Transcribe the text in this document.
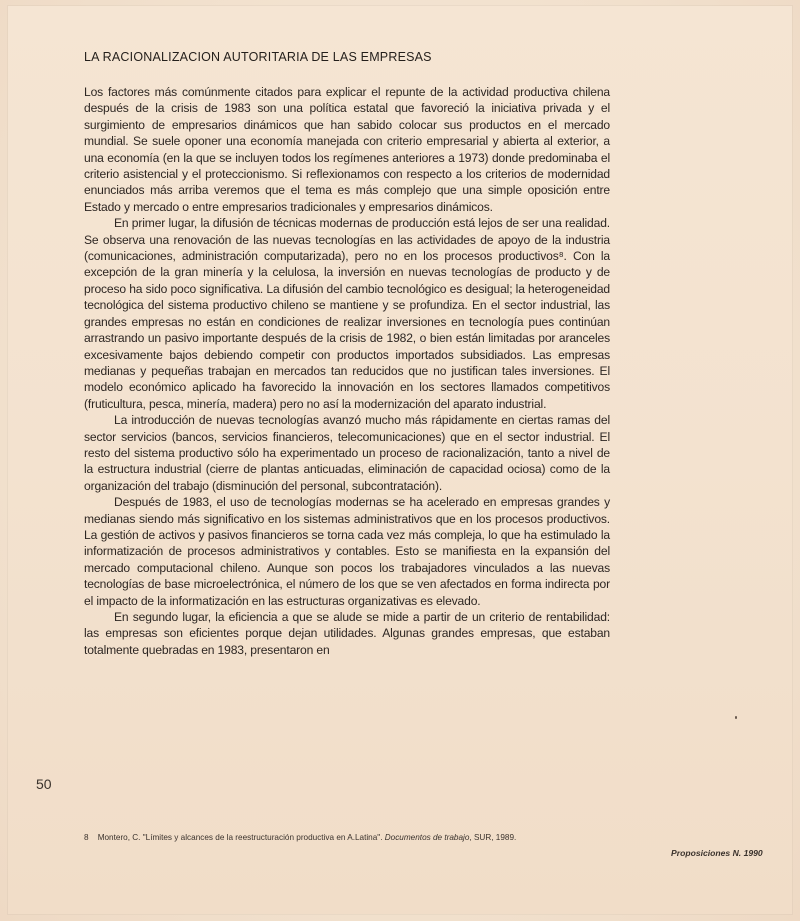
LA RACIONALIZACION AUTORITARIA DE LAS EMPRESAS

Los factores más comúnmente citados para explicar el repunte de la actividad productiva chilena después de la crisis de 1983 son una política estatal que favoreció la iniciativa privada y el surgimiento de empresarios dinámicos que han sabido colocar sus productos en el mercado mundial. Se suele oponer una economía manejada con criterio empresarial y abierta al exterior, a una economía (en la que se incluyen todos los regímenes anteriores a 1973) donde predominaba el criterio asistencial y el proteccionismo. Si reflexionamos con respecto a los criterios de modernidad enunciados más arriba veremos que el tema es más complejo que una simple oposición entre Estado y mercado o entre empresarios tradicionales y empresarios dinámicos.

En primer lugar, la difusión de técnicas modernas de producción está lejos de ser una realidad. Se observa una renovación de las nuevas tecnologías en las actividades de apoyo de la industria (comunicaciones, administración computarizada), pero no en los procesos productivos⁸. Con la excepción de la gran minería y la celulosa, la inversión en nuevas tecnologías de producto y de proceso ha sido poco significativa. La difusión del cambio tecnológico es desigual; la heterogeneidad tecnológica del sistema productivo chileno se mantiene y se profundiza. En el sector industrial, las grandes empresas no están en condiciones de realizar inversiones en tecnología pues continúan arrastrando un pasivo importante después de la crisis de 1982, o bien están limitadas por aranceles excesivamente bajos debiendo competir con productos importados subsidiados. Las empresas medianas y pequeñas trabajan en mercados tan reducidos que no justifican tales inversiones. El modelo económico aplicado ha favorecido la innovación en los sectores llamados competitivos (fruticultura, pesca, minería, madera) pero no así la modernización del aparato industrial.

La introducción de nuevas tecnologías avanzó mucho más rápidamente en ciertas ramas del sector servicios (bancos, servicios financieros, telecomunicaciones) que en el sector industrial. El resto del sistema productivo sólo ha experimentado un proceso de racionalización, tanto a nivel de la estructura industrial (cierre de plantas anticuadas, eliminación de capacidad ociosa) como de la organización del trabajo (disminución del personal, subcontratación).

Después de 1983, el uso de tecnologías modernas se ha acelerado en empresas grandes y medianas siendo más significativo en los sistemas administrativos que en los procesos productivos. La gestión de activos y pasivos financieros se torna cada vez más compleja, lo que ha estimulado la informatización de procesos administrativos y contables. Esto se manifiesta en la expansión del mercado computacional chileno. Aunque son pocos los trabajadores vinculados a las nuevas tecnologías de base microelectrónica, el número de los que se ven afectados en forma indirecta por el impacto de la informatización en las estructuras organizativas es elevado.

En segundo lugar, la eficiencia a que se alude se mide a partir de un criterio de rentabilidad: las empresas son eficientes porque dejan utilidades. Algunas grandes empresas, que estaban totalmente quebradas en 1983, presentaron en

50
8 Montero, C. "Límites y alcances de la reestructuración productiva en A.Latina". Documentos de trabajo, SUR, 1989.
Proposiciones N. 1990
